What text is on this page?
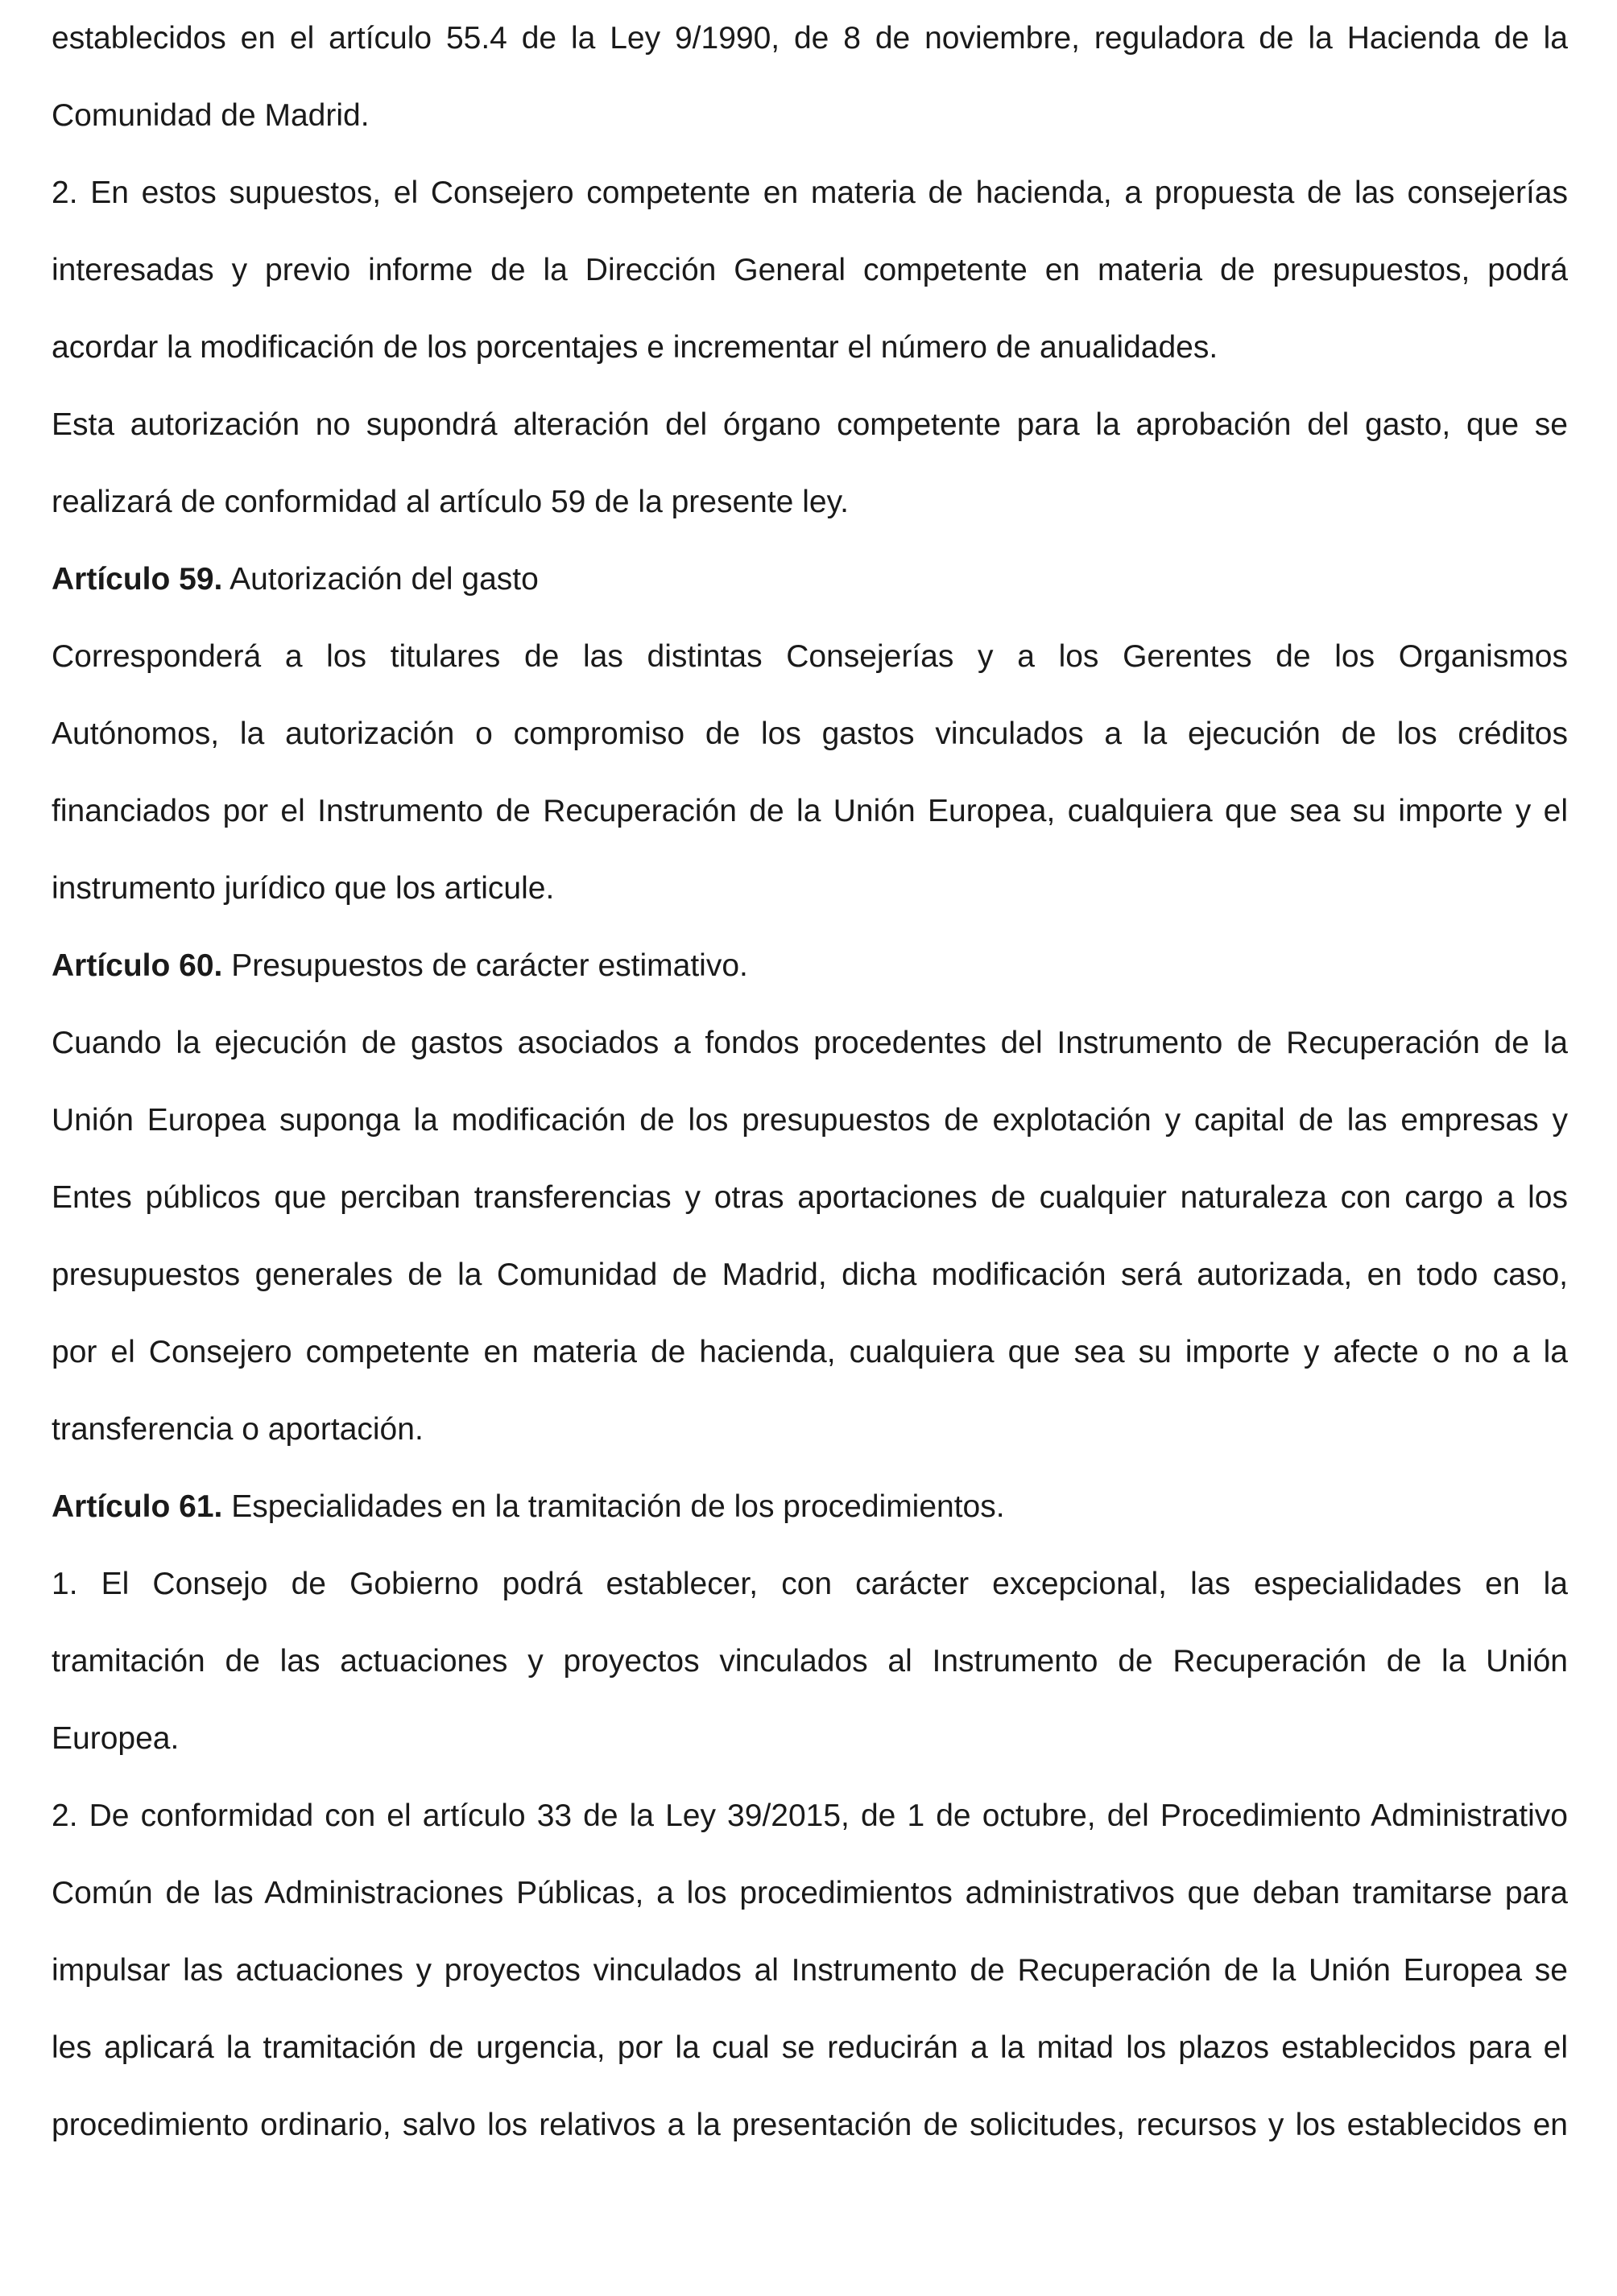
establecidos en el artículo 55.4 de la Ley 9/1990, de 8 de noviembre, reguladora de la Hacienda de la
Comunidad de Madrid.
2. En estos supuestos, el Consejero competente en materia de hacienda, a propuesta de las consejerías
interesadas y previo informe de la Dirección General competente en materia de presupuestos, podrá
acordar la modificación de los porcentajes e incrementar el número de anualidades.
Esta autorización no supondrá alteración del órgano competente para la aprobación del gasto, que se
realizará de conformidad al artículo 59 de la presente ley.
Artículo 59. Autorización del gasto
Corresponderá a los titulares de las distintas Consejerías y a los Gerentes de los Organismos
Autónomos, la autorización o compromiso de los gastos vinculados a la ejecución de los créditos
financiados por el Instrumento de Recuperación de la Unión Europea, cualquiera que sea su importe y el
instrumento jurídico que los articule.
Artículo 60. Presupuestos de carácter estimativo.
Cuando la ejecución de gastos asociados a fondos procedentes del Instrumento de Recuperación de la
Unión Europea suponga la modificación de los presupuestos de explotación y capital de las empresas y
Entes públicos que perciban transferencias y otras aportaciones de cualquier naturaleza con cargo a los
presupuestos generales de la Comunidad de Madrid, dicha modificación será autorizada, en todo caso,
por el Consejero competente en materia de hacienda, cualquiera que sea su importe y afecte o no a la
transferencia o aportación.
Artículo 61. Especialidades en la tramitación de los procedimientos.
1. El Consejo de Gobierno podrá establecer, con carácter excepcional, las especialidades en la
tramitación de las actuaciones y proyectos vinculados al Instrumento de Recuperación de la Unión
Europea.
2. De conformidad con el artículo 33 de la Ley 39/2015, de 1 de octubre, del Procedimiento Administrativo
Común de las Administraciones Públicas, a los procedimientos administrativos que deban tramitarse para
impulsar las actuaciones y proyectos vinculados al Instrumento de Recuperación de la Unión Europea se
les aplicará la tramitación de urgencia, por la cual se reducirán a la mitad los plazos establecidos para el
procedimiento ordinario, salvo los relativos a la presentación de solicitudes, recursos y los establecidos en
